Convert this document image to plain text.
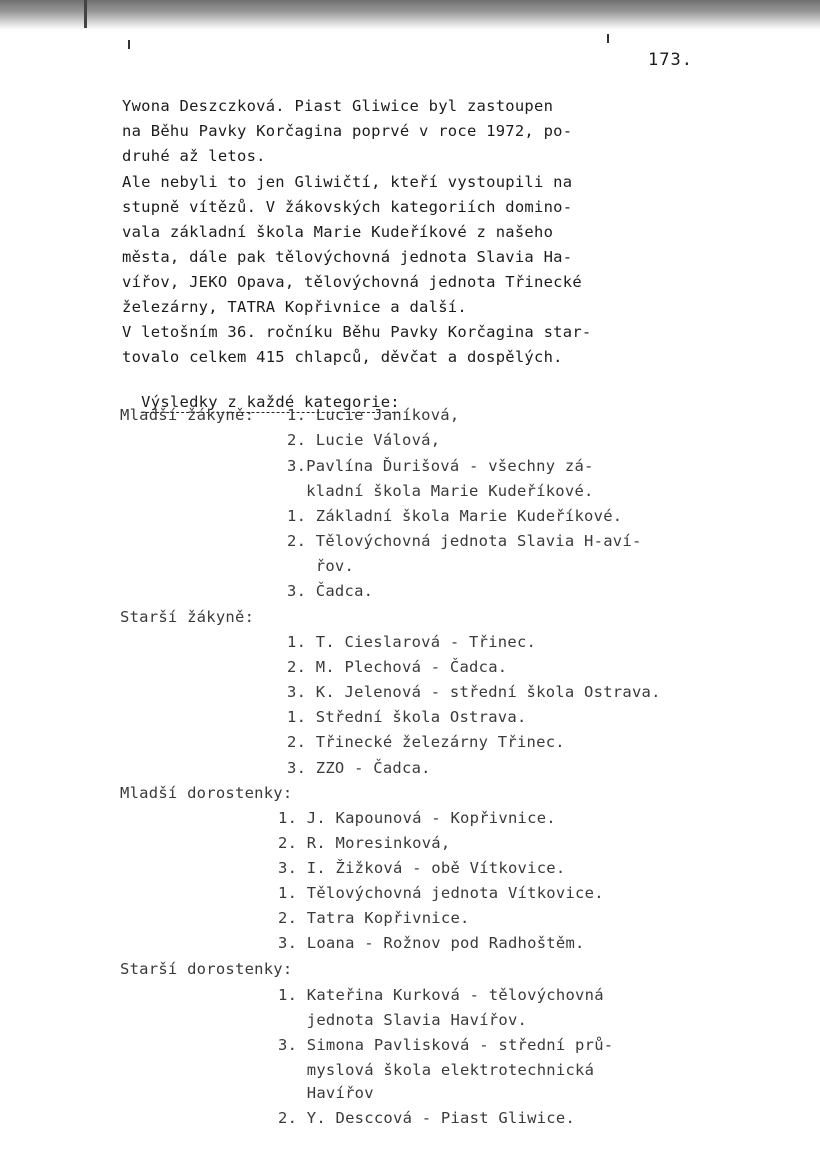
173.
Ywona Deszczková. Piast Gliwice byl zastoupen
na Běhu Pavky Korčagina poprvé v roce 1972, po-
druhé až letos.
Ale nebyli to jen Gliwičtí, kteří vystoupili na
stupně vítězů. V žákovských kategoriích domino-
vala základní škola Marie Kudeříkové z našeho
města, dále pak tělovýchovná jednota Slavia Ha-
vířov, JEKO Opava, tělovýchovná jednota Třinecké
železárny, TATRA Kopřivnice a další.
V letošním 36. ročníku Běhu Pavky Korčagina star-
tovalo celkem 415 chlapců, děvčat a dospělých.

Výsledky z každé kategorie:

Mladší žákyně: 1. Lucie Janíková,
2. Lucie Válová,
3.Pavlína Ďurišová - všechny zá-
kladní škola Marie Kudeříkové.
1. Základní škola Marie Kudeříkové.
2. Tělovýchovná jednota Slavia H-aví-
řov.
3. Čadca.
Starší žákyně:
1. T. Cieslarová - Třinec.
2. M. Plechová - Čadca.
3. K. Jelenová - střední škola Ostrava.
1. Střední škola Ostrava.
2. Třinecké železárny Třinec.
3. ZZO - Čadca.
Mladší dorostenky:
1. J. Kapounová - Kopřivnice.
2. R. Moresinková,
3. I. Žižková - obě Vítkovice.
1. Tělovýchovná jednota Vítkovice.
2. Tatra Kopřivnice.
3. Loana - Rožnov pod Radhoštěm.
Starší dorostenky:
1. Kateřina Kurková - tělovýchovná
jednota Slavia Havířov.
3. Simona Pavlisková - střední prů-
myslová škola elektrotechnická
Havířov
2. Y. Desccová - Piast Gliwice.
